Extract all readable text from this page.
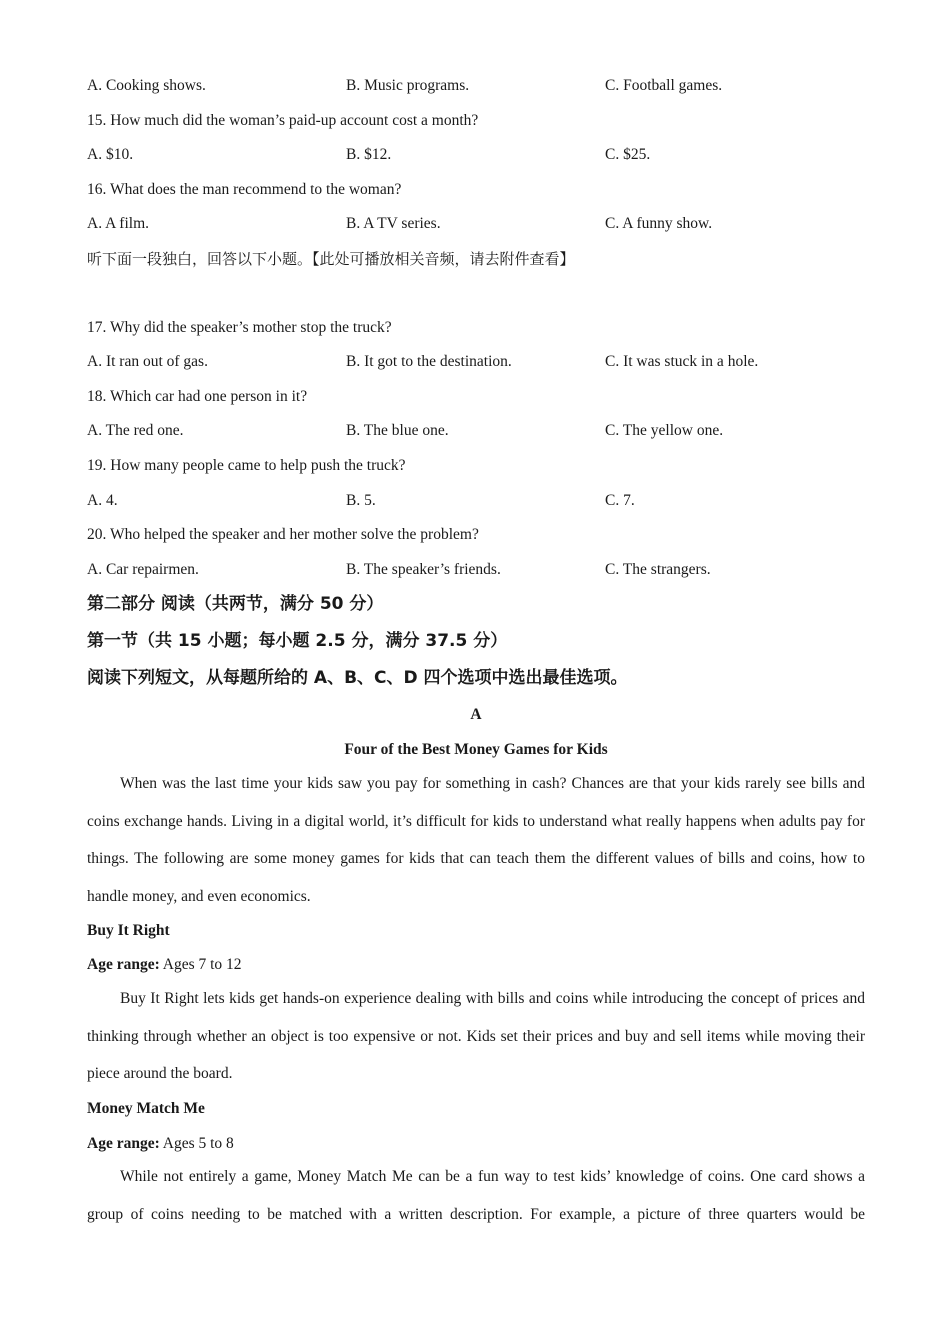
A. Cooking shows.	B. Music programs.	C. Football games.
15. How much did the woman’s paid-up account cost a month?
A. $10.	B. $12.	C. $25.
16. What does the man recommend to the woman?
A. A film.	B. A TV series.	C. A funny show.
听下面一段独白，回答以下小题。【此处可播放相关音频，请去附件查看】
17. Why did the speaker’s mother stop the truck?
A. It ran out of gas.	B. It got to the destination.	C. It was stuck in a hole.
18. Which car had one person in it?
A. The red one.	B. The blue one.	C. The yellow one.
19. How many people came to help push the truck?
A. 4.	B. 5.	C. 7.
20. Who helped the speaker and her mother solve the problem?
A. Car repairmen.	B. The speaker’s friends.	C. The strangers.
第二部分 阅读（共两节，满分 50 分）
第一节（共 15 小题；每小题 2.5 分，满分 37.5 分）
阅读下列短文，从每题所给的 A、B、C、D 四个选项中选出最佳选项。
A
Four of the Best Money Games for Kids
When was the last time your kids saw you pay for something in cash? Chances are that your kids rarely see bills and coins exchange hands. Living in a digital world, it’s difficult for kids to understand what really happens when adults pay for things. The following are some money games for kids that can teach them the different values of bills and coins, how to handle money, and even economics.
Buy It Right
Age range: Ages 7 to 12
Buy It Right lets kids get hands-on experience dealing with bills and coins while introducing the concept of prices and thinking through whether an object is too expensive or not. Kids set their prices and buy and sell items while moving their piece around the board.
Money Match Me
Age range: Ages 5 to 8
While not entirely a game, Money Match Me can be a fun way to test kids’ knowledge of coins. One card shows a group of coins needing to be matched with a written description. For example, a picture of three quarters would be
